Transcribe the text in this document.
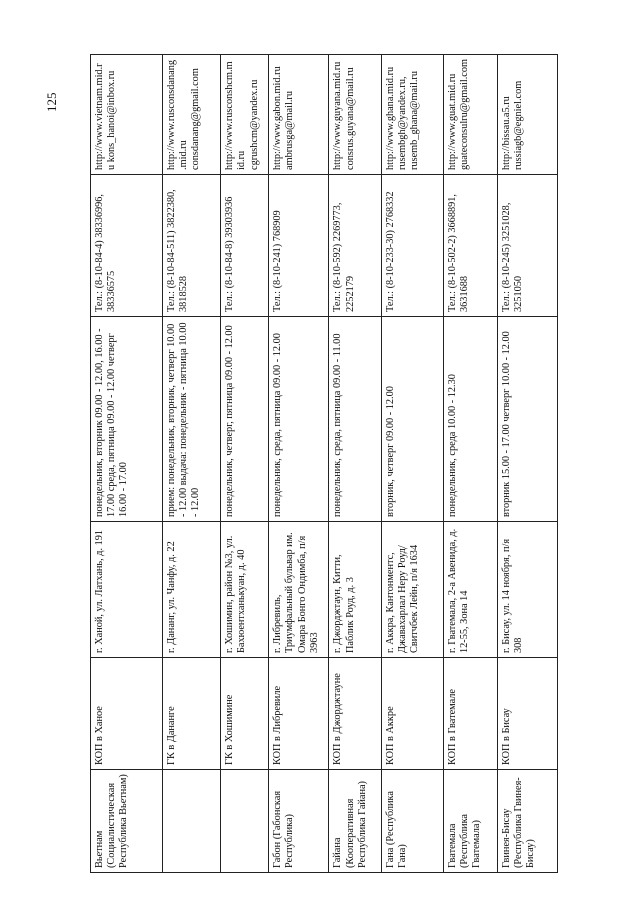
125
Вьетнам (Социалистическая Республика Вьетнам)	КОП в Ханое	г. Ханой, ул. Латхань, д. 191	понедельник, вторник 09.00 - 12.00, 16.00 - 17.00 среда, пятница 09.00 - 12.00 четверг 16.00 - 17.00	Тел.: (8-10-84-4) 38336996, 38336575	http://www.vietnam.mid.ru kons_hanoi@inbox.ru
	ГК в Дананге	г. Дананг, ул. Чанфу, д. 22	прием: понедельник, вторник, четверг 10.00 - 12.00 выдача: понедельник - пятница 10.00 - 12.00	Тел.: (8-10-84-511) 3822380, 3818528	http://www.rusconsdanang.mid.ru consdanang@gmail.com
	ГК в Хошимине	г. Хошимин, район №3, ул. Бахюентханькуан, д. 40	понедельник, четверг, пятница 09.00 - 12.00	Тел.: (8-10-84-8) 39303936	http://www.rusconshcm.mid.ru cgrushcm@yandex.ru
Габон (Габонская Республика)	КОП в Либревиле	г. Либревиль, Триумфальный бульвар им. Омара Бонго Ондимба, п/я 3963	понедельник, среда, пятница 09.00 - 12.00	Тел.: (8-10-241) 768909	http://www.gabon.mid.ru ambrusga@mail.ru
Гайана (Кооперативная Республика Гайана)	КОП в Джорджтауне	г. Джорджтаун, Китти, Паблик Роуд, д. 3	понедельник, среда, пятница 09.00 - 11.00	Тел.: (8-10-592) 2269773, 2252179	http://www.guyana.mid.ru consrus.guyana@mail.ru
Гана (Республика Гана)	КОП в Аккре	г. Аккра, Кантонментс, Джавахарлал Неру Роуд/Свитчбек Лейн, п/я 1634	вторник, четверг 09.00 - 12.00	Тел.: (8-10-233-30) 2768332	http://www.ghana.mid.ru rusembgh@yandex.ru, rusemb_ghana@mail.ru
Гватемала (Республика Гватемала)	КОП в Гватемале	г. Гватемала, 2-а Авенида, д. 12-55, Зона 14	понедельник, среда 10.00 - 12.30	Тел.: (8-10-502-2) 3668891, 3631688	http://www.guat.mid.ru guateconsulru@gmail.com
Гвинея-Бисау (Республика Гвинея-Бисау)	КОП в Бисау	г. Бисау, ул. 14 ноября, п/я 308	вторник 15.00 - 17.00 четверг 10.00 - 12.00	Тел.: (8-10-245) 3251028, 3251050	http://bissau.a5.ru russiagb@egniel.com
